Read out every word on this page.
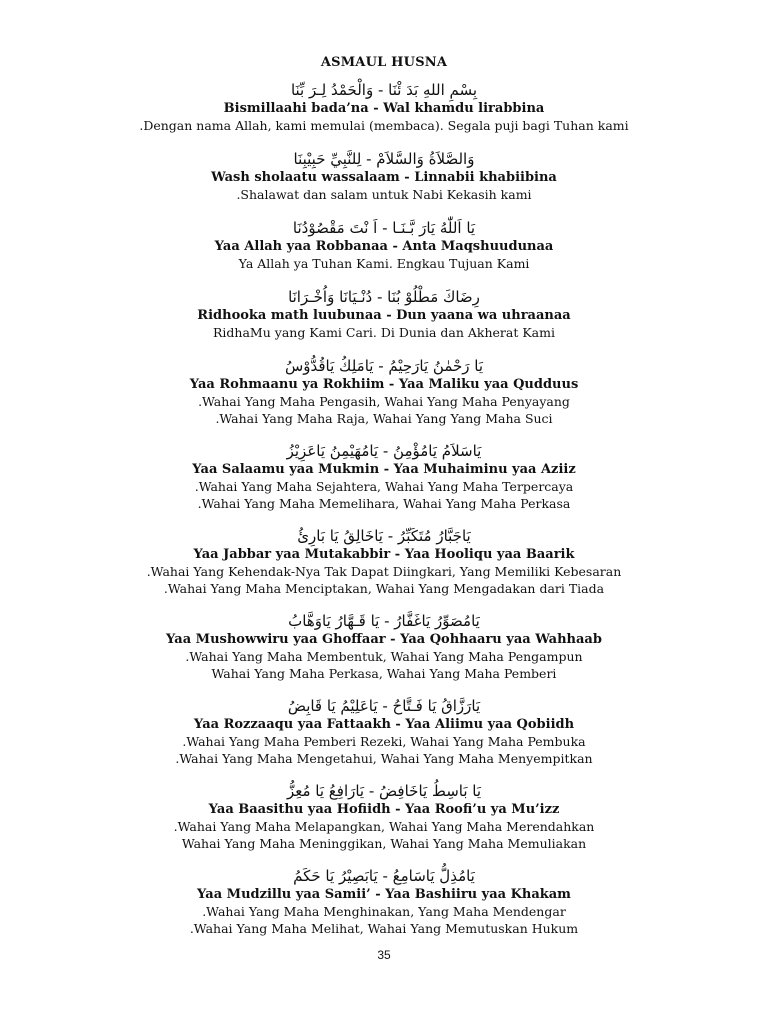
ASMAUL HUSNA
بِسْمِ اللهِ بَدَ ئْنَا - وَالْحَمْدُ لِـرَ بِّنَا
Bismillaahi bada’na - Wal khamdu lirabbina
.Dengan nama Allah, kami memulai (membaca). Segala puji bagi Tuhan kami
وَالصَّلاَةُ وَالسَّلاَمْ - لِلنَّبِيِّ حَبِيْبِنَا
Wash sholaatu wassalaam - Linnabii khabiibina
.Shalawat dan salam untuk Nabi Kekasih kami
يَا اَللّٰهُ يَارَ بَّـنَـا - اَ نْتَ مَقْصُوْدُنَا
Yaa Allah yaa Robbanaa - Anta Maqshuudunaa
Ya Allah ya Tuhan Kami. Engkau Tujuan Kami
رِضَاكَ مَطْلُوْ بُنَا - دُنْـيَانَا وَاُخْـرَانَا
Ridhooka math luubunaa - Dun yaana wa uhraanaa
RidhaMu yang Kami Cari. Di Dunia dan Akherat Kami
يَا رَحْمٰنُ يَارَحِيْمُ - يَامَلِكُ يَاقُدُّوْسُ
Yaa Rohmaanu ya Rokhiim - Yaa Maliku yaa Qudduus
.Wahai Yang Maha Pengasih, Wahai Yang Maha Penyayang
.Wahai Yang Maha Raja, Wahai Yang Yang Maha Suci
يَاسَلاَمُ يَامُؤْمِنُ - يَامُهَيْمِنُ يَاعَزِيْزُ
Yaa Salaamu yaa Mukmin - Yaa Muhaiminu yaa Aziiz
.Wahai Yang Maha Sejahtera, Wahai Yang Maha Terpercaya
.Wahai Yang Maha Memelihara, Wahai Yang Maha Perkasa
يَاجَبَّارُ مُتَكَبِّرُ - يَاخَالِقُ يَا بَارِئُ
Yaa Jabbar yaa Mutakabbir - Yaa Hooliqu yaa Baarik
.Wahai Yang Kehendak-Nya Tak Dapat Diingkari, Yang Memiliki Kebesaran
.Wahai Yang Maha Menciptakan, Wahai Yang Mengadakan dari Tiada
يَامُصَوِّرُ يَاغَفَّارُ - يَا قَـهَّارُ يَاوَهَّابُ
Yaa Mushowwiru yaa Ghoffaar - Yaa Qohhaaru yaa Wahhaab
.Wahai Yang Maha Membentuk, Wahai Yang Maha Pengampun
Wahai Yang Maha Perkasa, Wahai Yang Maha Pemberi
يَارَزَّاقُ يَا فَـتَّاحُ - يَاعَلِيْمُ يَا قَابِضُ
Yaa Rozzaaqu yaa Fattaakh - Yaa Aliimu yaa Qobiidh
.Wahai Yang Maha Pemberi Rezeki, Wahai Yang Maha Pembuka
.Wahai Yang Maha Mengetahui, Wahai Yang Maha Menyempitkan
يَا بَاسِطُ يَاخَافِضُ - يَارَافِعُ يَا مُعِزُّ
Yaa Baasithu yaa Hofiidh - Yaa Roofi’u ya Mu’izz
.Wahai Yang Maha Melapangkan, Wahai Yang Maha Merendahkan
Wahai Yang Maha Meninggikan, Wahai Yang Maha Memuliakan
يَامُذِلُّ يَاسَامِعُ - يَابَصِيْرُ يَا حَكَمُ
Yaa Mudzillu yaa Samii’ - Yaa Bashiiru yaa Khakam
.Wahai Yang Maha Menghinakan, Yang Maha Mendengar
.Wahai Yang Maha Melihat, Wahai Yang Memutuskan Hukum
35
